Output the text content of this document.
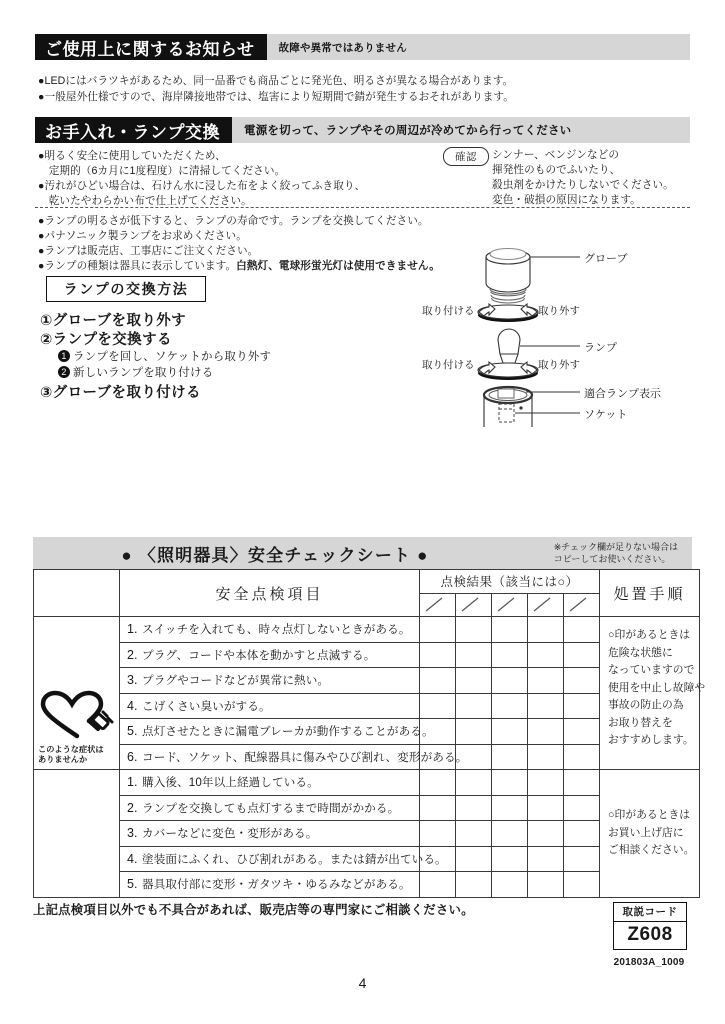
ご使用上に関するお知らせ	故障や異常ではありません
●LEDにはバラツキがあるため、同一品番でも商品ごとに発光色、明るさが異なる場合があります。
●一般屋外仕様ですので、海岸隣接地帯では、塩害により短期間で錆が発生するおそれがあります。
お手入れ・ランプ交換	電源を切って、ランプやその周辺が冷めてから行ってください
●明るく安全に使用していただくため、
　定期的（6カ月に1度程度）に清掃してください。
●汚れがひどい場合は、石けん水に浸した布をよく絞ってふき取り、
　乾いたやわらかい布で仕上げてください。
確認	シンナー、ベンジンなどの
揮発性のものでふいたり、
殺虫剤をかけたりしないでください。
変色・破損の原因になります。
●ランプの明るさが低下すると、ランプの寿命です。ランプを交換してください。
●パナソニック製ランプをお求めください。
●ランプは販売店、工事店にご注文ください。
●ランプの種類は器具に表示しています。白熱灯、電球形蛍光灯は使用できません。
ランプの交換方法
①グローブを取り外す
②ランプを交換する
1 ランプを回し、ソケットから取り外す
2 新しいランプを取り付ける
③グローブを取り付ける
グローブ
ランプ
適合ランプ表示
ソケット
取り付ける	取り外す
取り付ける	取り外す
● 〈照明器具〉安全チェックシート ●	※チェック欄が足りない場合は
コピーしてお使いください。
	安全点検項目	点検結果（該当には○）					処置手順

このような症状は
ありませんか
	1. スイッチを入れても、時々点灯しないときがある。						○印があるときは
危険な状態に
なっていますので
使用を中止し故障や
事故の防止の為
お取り替えを
おすすめします。

	2. プラグ、コードや本体を動かすと点滅する。						
	3. プラグやコードなどが異常に熱い。						
	4. こげくさい臭いがする。						
	5. 点灯させたときに漏電ブレーカが動作することがある。						
	6. コード、ソケット、配線器具に傷みやひび割れ、変形がある。						
	1. 購入後、10年以上経過している。						○印があるときは
お買い上げ店に
ご相談ください。

	2. ランプを交換しても点灯するまで時間がかかる。						
	3. カバーなどに変色・変形がある。						
	4. 塗装面にふくれ、ひび割れがある。または錆が出ている。						
	5. 器具取付部に変形・ガタツキ・ゆるみなどがある。						
上記点検項目以外でも不具合があれば、販売店等の専門家にご相談ください。	取説コード
Z608
201803A_1009
4
